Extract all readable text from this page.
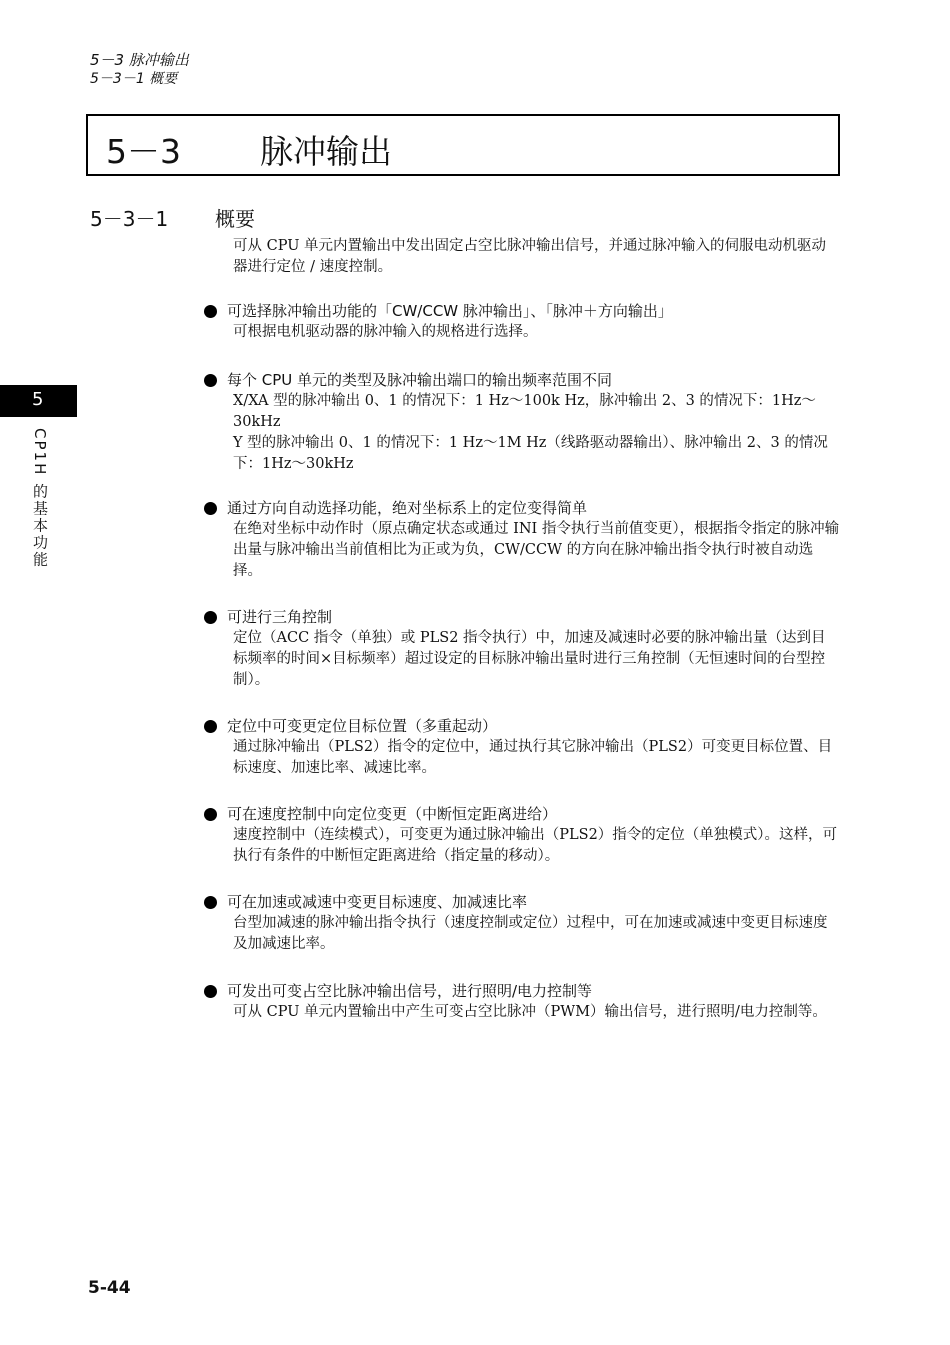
5－3 脉冲输出
5－3－1 概要
5－3 脉冲输出
5－3－1 概要
可从 CPU 单元内置输出中发出固定占空比脉冲输出信号，并通过脉冲输入的伺服电动机驱动器进行定位 / 速度控制。
可选择脉冲输出功能的「CW/CCW 脉冲输出」、「脉冲＋方向输出」

可根据电机驱动器的脉冲输入的规格进行选择。

每个 CPU 单元的类型及脉冲输出端口的输出频率范围不同

X/XA 型的脉冲输出 0、1 的情况下：1 Hz～100k Hz，脉冲输出 2、3 的情况下：1Hz～30kHz

Y 型的脉冲输出 0、1 的情况下：1 Hz～1M Hz（线路驱动器输出）、脉冲输出 2、3 的情况下：1Hz～30kHz

通过方向自动选择功能，绝对坐标系上的定位变得简单

在绝对坐标中动作时（原点确定状态或通过 INI 指令执行当前值变更），根据指令指定的脉冲输出量与脉冲输出当前值相比为正或为负，CW/CCW 的方向在脉冲输出指令执行时被自动选择。

可进行三角控制

定位（ACC 指令（单独）或 PLS2 指令执行）中，加速及减速时必要的脉冲输出量（达到目标频率的时间×目标频率）超过设定的目标脉冲输出量时进行三角控制（无恒速时间的台型控制）。

定位中可变更定位目标位置（多重起动）

通过脉冲输出（PLS2）指令的定位中，通过执行其它脉冲输出（PLS2）可变更目标位置、目标速度、加速比率、减速比率。

可在速度控制中向定位变更（中断恒定距离进给）

速度控制中（连续模式），可变更为通过脉冲输出（PLS2）指令的定位（单独模式）。这样，可执行有条件的中断恒定距离进给（指定量的移动）。

可在加速或减速中变更目标速度、加减速比率

台型加减速的脉冲输出指令执行（速度控制或定位）过程中，可在加速或减速中变更目标速度及加减速比率。

可发出可变占空比脉冲输出信号，进行照明/电力控制等

可从 CPU 单元内置输出中产生可变占空比脉冲（PWM）输出信号，进行照明/电力控制等。

5
CP1H 的基本功能
5-44
